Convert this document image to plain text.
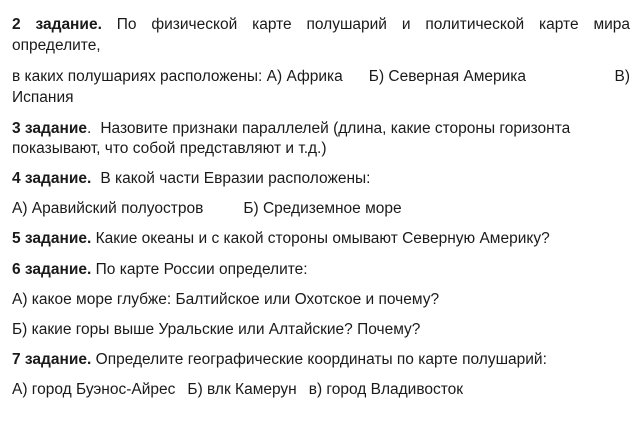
2 задание. По физической карте полушарий и политической карте мира
определите,
в каких полушариях расположены: А) Африка Б) Северная Америка	В)
Испания
3 задание. Назовите признаки параллелей (длина, какие стороны горизонта
показывают, что собой представляют и т.д.)
4 задание. В какой части Евразии расположены:
А) Аравийский полуостров	Б) Средиземное море
5 задание. Какие океаны и с какой стороны омывают Северную Америку?
6 задание. По карте России определите:
А) какое море глубже: Балтийское или Охотское и почему?
Б) какие горы выше Уральские или Алтайские? Почему?
7 задание. Определите географические координаты по карте полушарий:
А) город Буэнос-Айрес Б) влк Камерун в) город Владивосток
